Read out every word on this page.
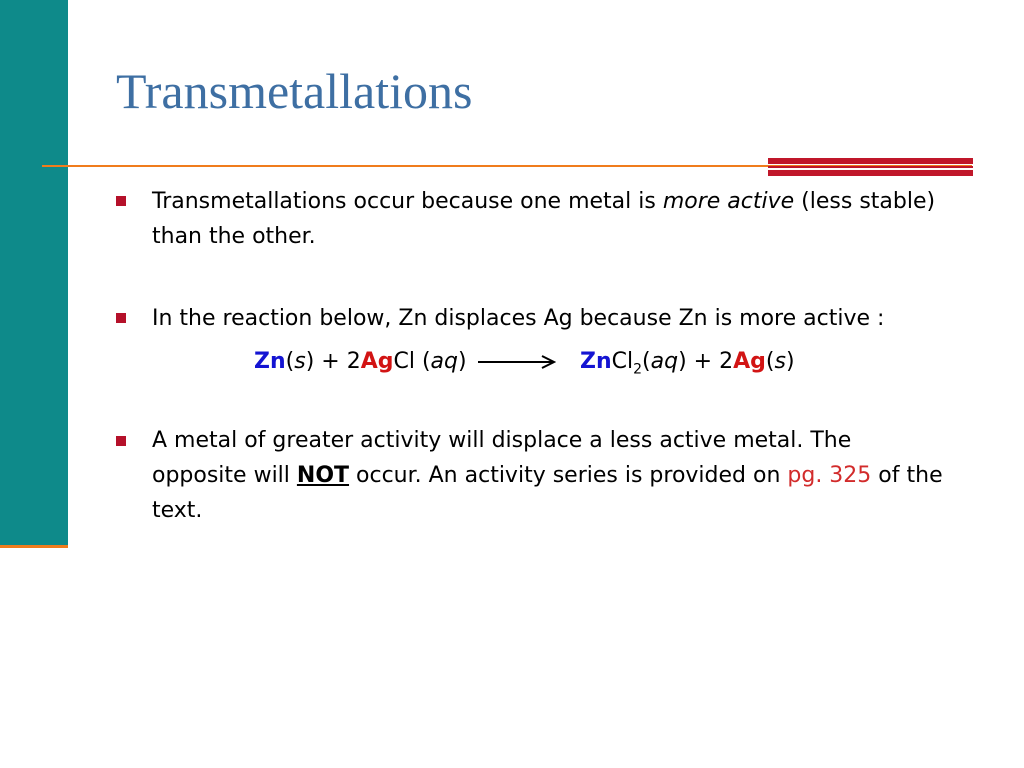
Transmetallations
Transmetallations occur because one metal is more active (less stable) than the other.
In the reaction below, Zn displaces Ag because Zn is more active :
Zn(s) + 2AgCl (aq)	ZnCl$_2$(aq) + 2Ag(s)
A metal of greater activity will displace a less active metal. The opposite will NOT occur. An activity series is provided on pg. 325 of the text.
